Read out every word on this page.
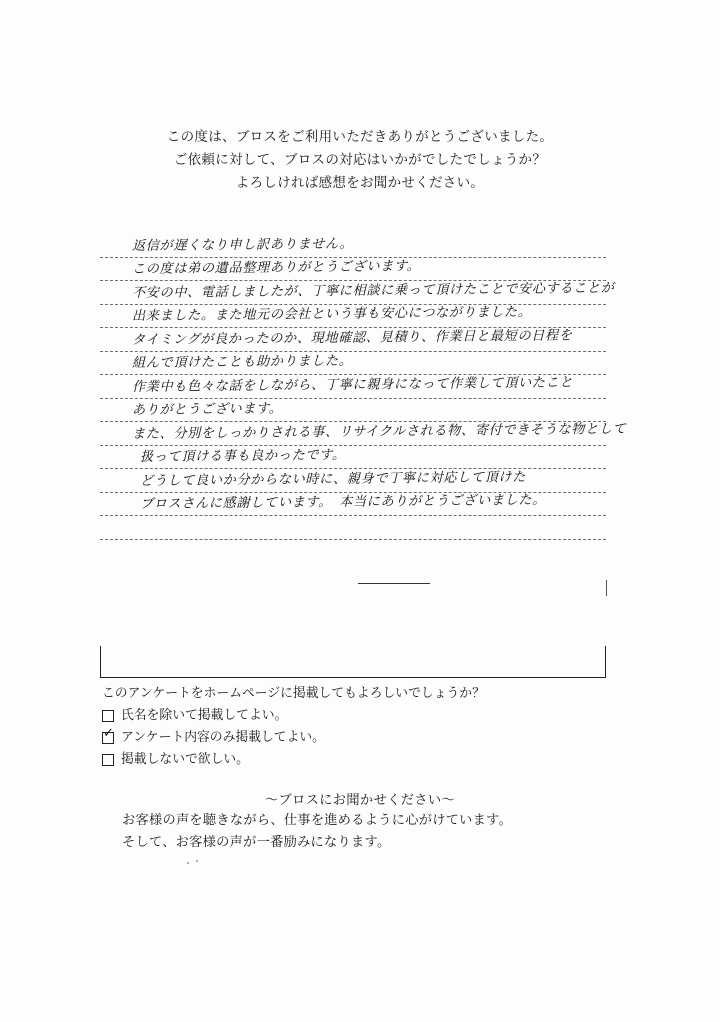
この度は、ブロスをご利用いただきありがとうございました。
ご依頼に対して、ブロスの対応はいかがでしたでしょうか？
よろしければ感想をお聞かせください。
返信が遅くなり申し訳ありません。
この度は弟の遺品整理ありがとうございます。
不安の中、電話しましたが、丁寧に相談に乗って頂けたことで安心することが
出来ました。また地元の会社という事も安心につながりました。
タイミングが良かったのか、現地確認、見積り、作業日と最短の日程を
組んで頂けたことも助かりました。
作業中も色々な話をしながら、丁寧に親身になって作業して頂いたこと
ありがとうございます。
また、分別をしっかりされる事、リサイクルされる物、寄付できそうな物として
扱って頂ける事も良かったです。
どうして良いか分からない時に、親身で丁寧に対応して頂けた
ブロスさんに感謝しています。　本当にありがとうございました。
このアンケートをホームページに掲載してもよろしいでしょうか？
氏名を除いて掲載してよい。
✓ アンケート内容のみ掲載してよい。
掲載しないで欲しい。
～ブロスにお聞かせください～
お客様の声を聴きながら、仕事を進めるように心がけています。
そして、お客様の声が一番励みになります。
